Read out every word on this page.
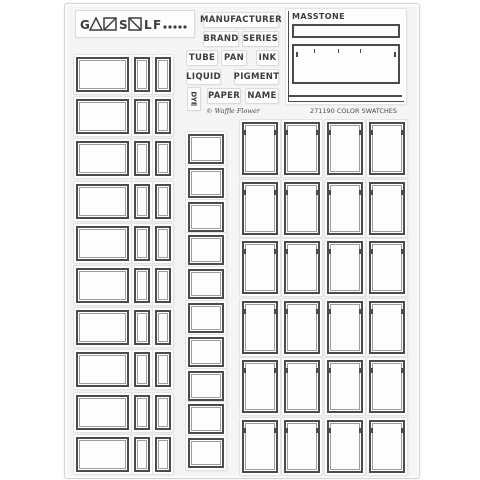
G S L F	MANUFACTURER
BRAND SERIES
TUBE PAN INK
LIQUID PIGMENT
DYE PAPER NAME
MASSTONE
© Waffle Flower	271190 COLOR SWATCHES
